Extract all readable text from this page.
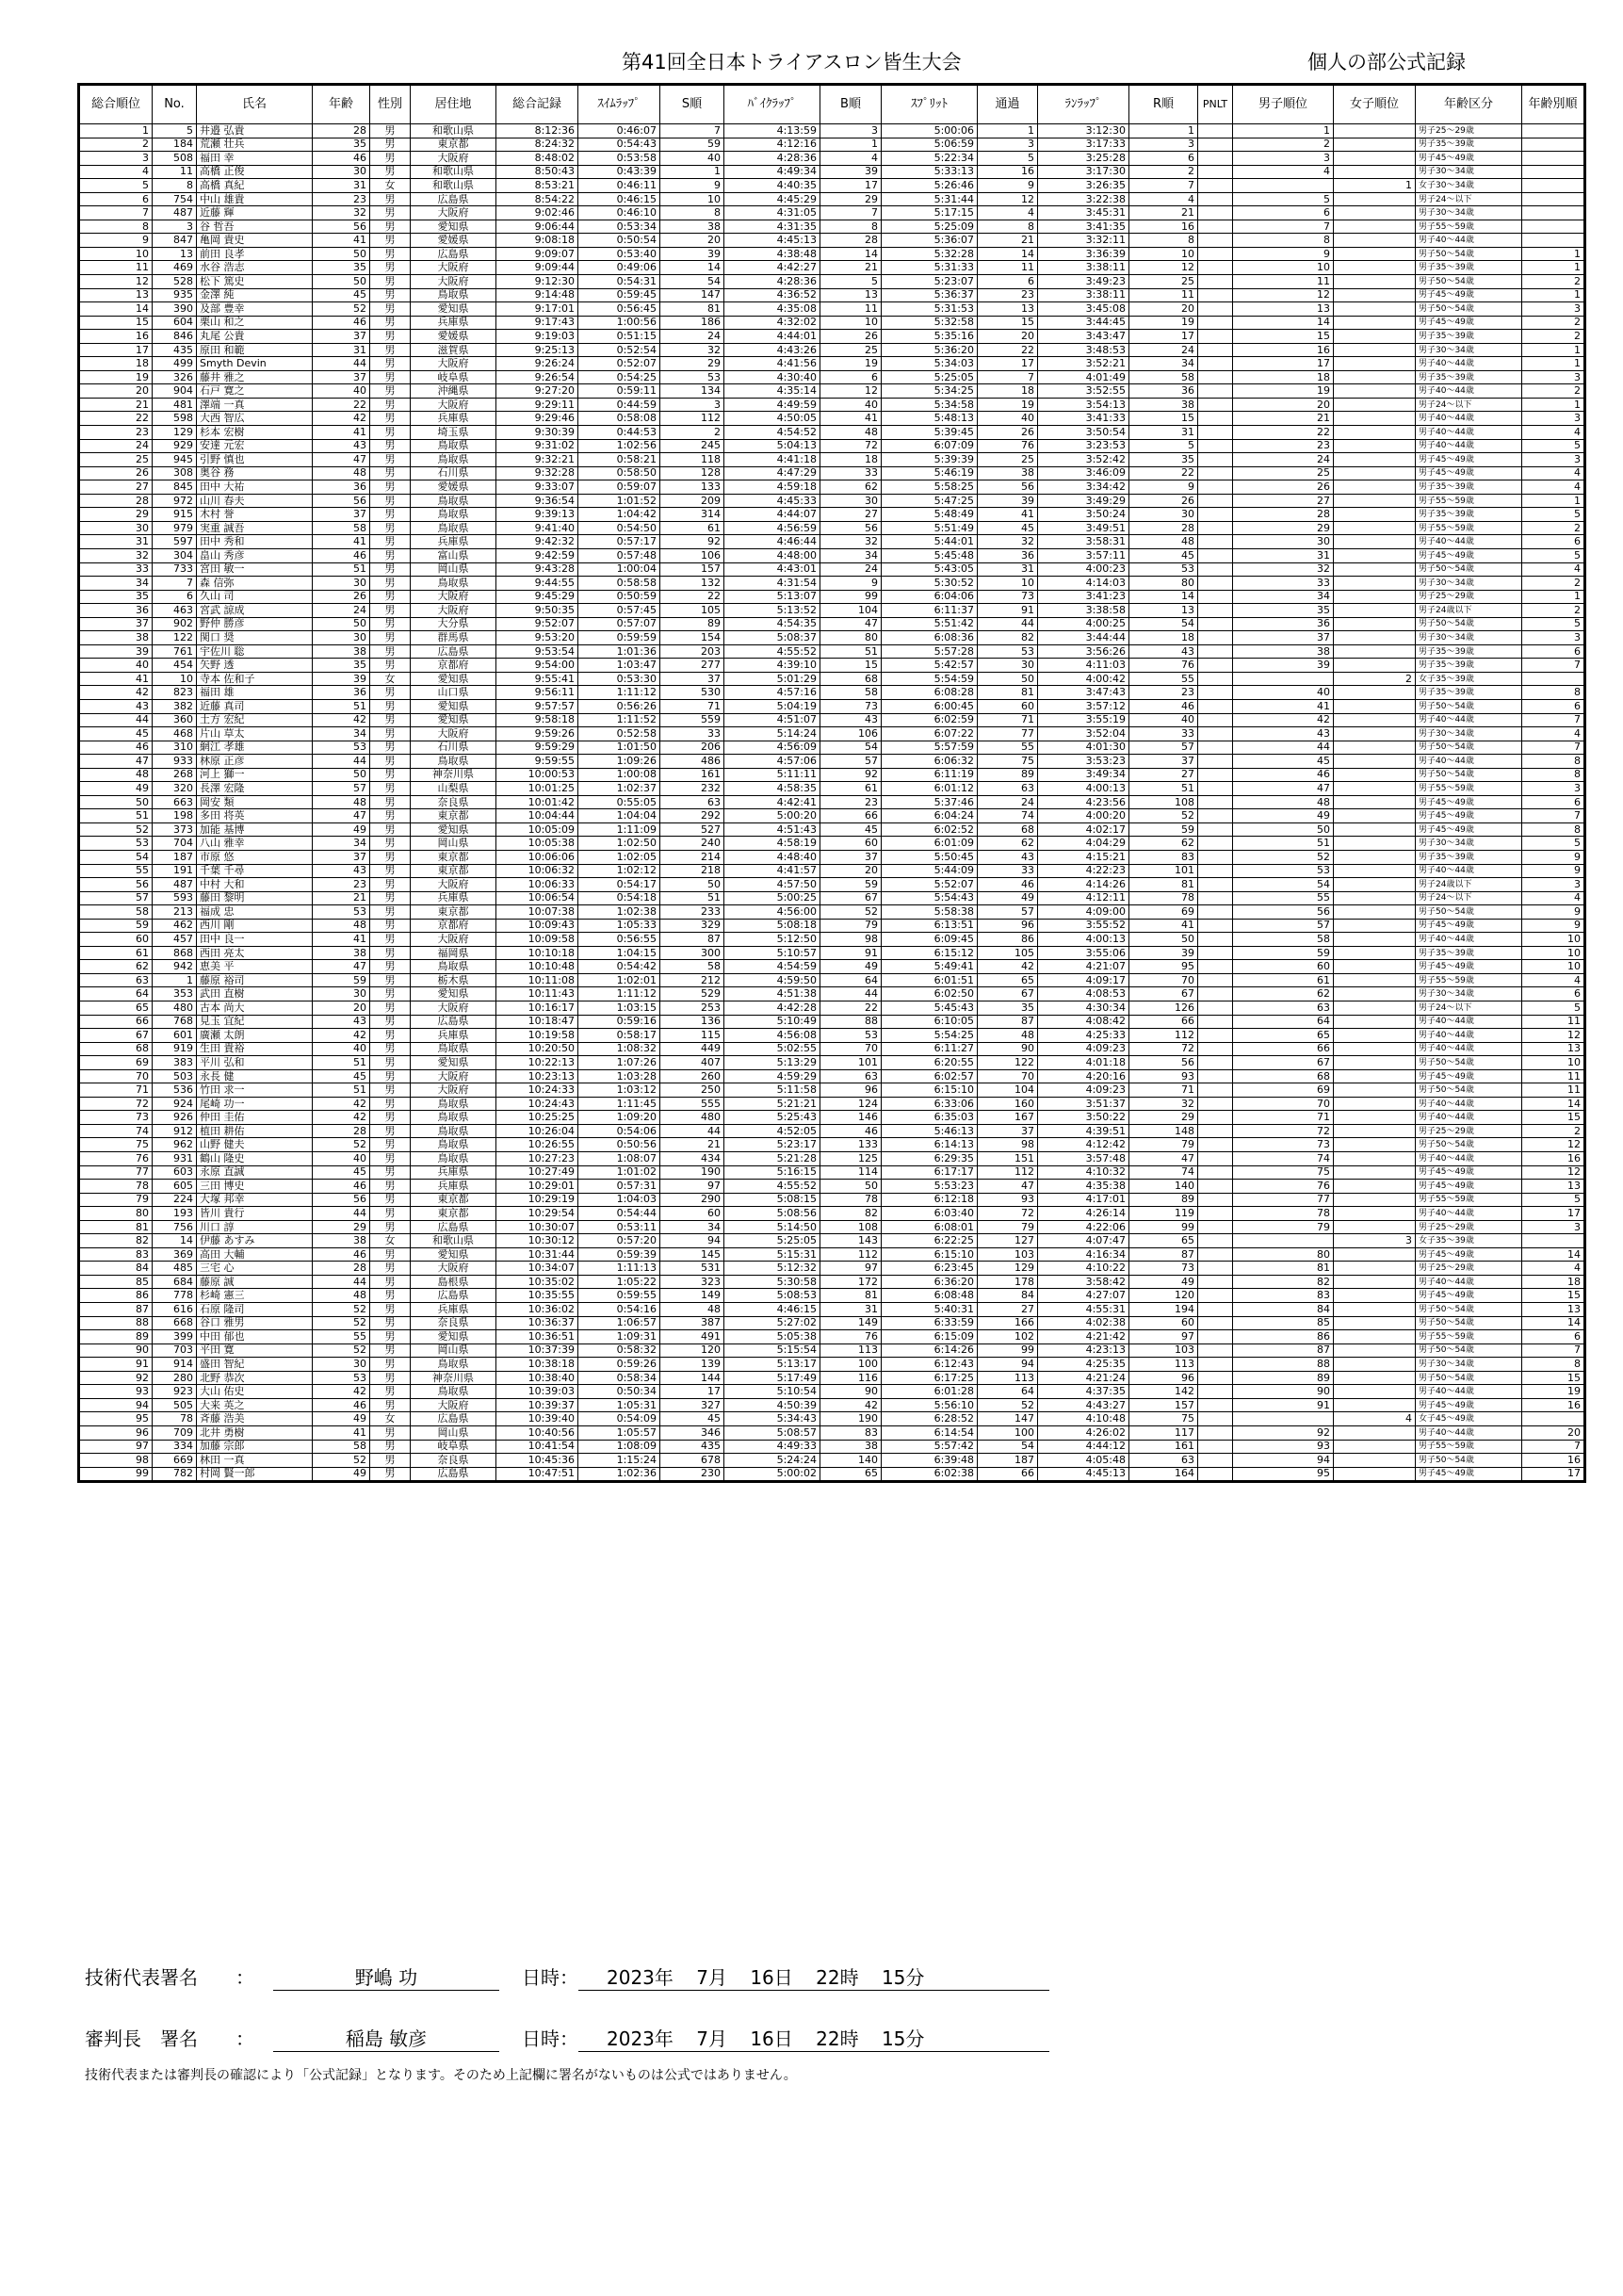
第41回全日本トライアスロン皆生大会	個人の部公式記録
総合順位	No.	氏名	年齢	性別	居住地	総合記録	ｽｲﾑﾗｯﾌﾟ	S順	ﾊﾞｲｸﾗｯﾌﾟ	B順	ｽﾌﾟﾘｯﾄ	通過	ﾗﾝﾗｯﾌﾟ	R順	PNLT	男子順位	女子順位	年齢区分	年齢別順
1	5	井邉 弘貴	28	男	和歌山県	8:12:36	0:46:07	7	4:13:59	3	5:00:06	1	3:12:30	1		1		男子25～29歳	
2	184	荒瀬 壮兵	35	男	東京都	8:24:32	0:54:43	59	4:12:16	1	5:06:59	3	3:17:33	3		2		男子35～39歳	
3	508	福田 幸	46	男	大阪府	8:48:02	0:53:58	40	4:28:36	4	5:22:34	5	3:25:28	6		3		男子45～49歳	
4	11	高橋 正俊	30	男	和歌山県	8:50:43	0:43:39	1	4:49:34	39	5:33:13	16	3:17:30	2		4		男子30～34歳	
5	8	高橋 真紀	31	女	和歌山県	8:53:21	0:46:11	9	4:40:35	17	5:26:46	9	3:26:35	7			1	女子30～34歳	
6	754	中山 雄貴	23	男	広島県	8:54:22	0:46:15	10	4:45:29	29	5:31:44	12	3:22:38	4		5		男子24～以下	
7	487	近藤 輝	32	男	大阪府	9:02:46	0:46:10	8	4:31:05	7	5:17:15	4	3:45:31	21		6		男子30～34歳	
8	3	谷 哲吾	56	男	愛知県	9:06:44	0:53:34	38	4:31:35	8	5:25:09	8	3:41:35	16		7		男子55～59歳	
9	847	亀岡 貴史	41	男	愛媛県	9:08:18	0:50:54	20	4:45:13	28	5:36:07	21	3:32:11	8		8		男子40～44歳	
10	13	前田 良孝	50	男	広島県	9:09:07	0:53:40	39	4:38:48	14	5:32:28	14	3:36:39	10		9		男子50～54歳	1
11	469	水谷 浩志	35	男	大阪府	9:09:44	0:49:06	14	4:42:27	21	5:31:33	11	3:38:11	12		10		男子35～39歳	1
12	528	松下 篤史	50	男	大阪府	9:12:30	0:54:31	54	4:28:36	5	5:23:07	6	3:49:23	25		11		男子50～54歳	2
13	935	金澤 純	45	男	鳥取県	9:14:48	0:59:45	147	4:36:52	13	5:36:37	23	3:38:11	11		12		男子45～49歳	1
14	390	及部 豊幸	52	男	愛知県	9:17:01	0:56:45	81	4:35:08	11	5:31:53	13	3:45:08	20		13		男子50～54歳	3
15	604	栗山 和之	46	男	兵庫県	9:17:43	1:00:56	186	4:32:02	10	5:32:58	15	3:44:45	19		14		男子45～49歳	2
16	846	丸尾 公貴	37	男	愛媛県	9:19:03	0:51:15	24	4:44:01	26	5:35:16	20	3:43:47	17		15		男子35～39歳	2
17	435	原田 和範	31	男	滋賀県	9:25:13	0:52:54	32	4:43:26	25	5:36:20	22	3:48:53	24		16		男子30～34歳	1
18	499	Smyth Devin	44	男	大阪府	9:26:24	0:52:07	29	4:41:56	19	5:34:03	17	3:52:21	34		17		男子40～44歳	1
19	326	藤井 雅之	37	男	岐阜県	9:26:54	0:54:25	53	4:30:40	6	5:25:05	7	4:01:49	58		18		男子35～39歳	3
20	904	石戸 寛之	40	男	沖縄県	9:27:20	0:59:11	134	4:35:14	12	5:34:25	18	3:52:55	36		19		男子40～44歳	2
21	481	澤端 一真	22	男	大阪府	9:29:11	0:44:59	3	4:49:59	40	5:34:58	19	3:54:13	38		20		男子24～以下	1
22	598	大西 智広	42	男	兵庫県	9:29:46	0:58:08	112	4:50:05	41	5:48:13	40	3:41:33	15		21		男子40～44歳	3
23	129	杉本 宏樹	41	男	埼玉県	9:30:39	0:44:53	2	4:54:52	48	5:39:45	26	3:50:54	31		22		男子40～44歳	4
24	929	安達 元宏	43	男	鳥取県	9:31:02	1:02:56	245	5:04:13	72	6:07:09	76	3:23:53	5		23		男子40～44歳	5
25	945	引野 慎也	47	男	鳥取県	9:32:21	0:58:21	118	4:41:18	18	5:39:39	25	3:52:42	35		24		男子45～49歳	3
26	308	奥谷 務	48	男	石川県	9:32:28	0:58:50	128	4:47:29	33	5:46:19	38	3:46:09	22		25		男子45～49歳	4
27	845	田中 大祐	36	男	愛媛県	9:33:07	0:59:07	133	4:59:18	62	5:58:25	56	3:34:42	9		26		男子35～39歳	4
28	972	山川 春夫	56	男	鳥取県	9:36:54	1:01:52	209	4:45:33	30	5:47:25	39	3:49:29	26		27		男子55～59歳	1
29	915	木村 誉	37	男	鳥取県	9:39:13	1:04:42	314	4:44:07	27	5:48:49	41	3:50:24	30		28		男子35～39歳	5
30	979	実重 誠吾	58	男	鳥取県	9:41:40	0:54:50	61	4:56:59	56	5:51:49	45	3:49:51	28		29		男子55～59歳	2
31	597	田中 秀和	41	男	兵庫県	9:42:32	0:57:17	92	4:46:44	32	5:44:01	32	3:58:31	48		30		男子40～44歳	6
32	304	畠山 秀彦	46	男	富山県	9:42:59	0:57:48	106	4:48:00	34	5:45:48	36	3:57:11	45		31		男子45～49歳	5
33	733	宮田 敏一	51	男	岡山県	9:43:28	1:00:04	157	4:43:01	24	5:43:05	31	4:00:23	53		32		男子50～54歳	4
34	7	森 信弥	30	男	鳥取県	9:44:55	0:58:58	132	4:31:54	9	5:30:52	10	4:14:03	80		33		男子30～34歳	2
35	6	久山 司	26	男	大阪府	9:45:29	0:50:59	22	5:13:07	99	6:04:06	73	3:41:23	14		34		男子25～29歳	1
36	463	宮武 諒成	24	男	大阪府	9:50:35	0:57:45	105	5:13:52	104	6:11:37	91	3:38:58	13		35		男子24歳以下	2
37	902	野仲 勝彦	50	男	大分県	9:52:07	0:57:07	89	4:54:35	47	5:51:42	44	4:00:25	54		36		男子50～54歳	5
38	122	関口 奨	30	男	群馬県	9:53:20	0:59:59	154	5:08:37	80	6:08:36	82	3:44:44	18		37		男子30～34歳	3
39	761	宇佐川 聡	38	男	広島県	9:53:54	1:01:36	203	4:55:52	51	5:57:28	53	3:56:26	43		38		男子35～39歳	6
40	454	矢野 透	35	男	京都府	9:54:00	1:03:47	277	4:39:10	15	5:42:57	30	4:11:03	76		39		男子35～39歳	7
41	10	寺本 佐和子	39	女	愛知県	9:55:41	0:53:30	37	5:01:29	68	5:54:59	50	4:00:42	55			2	女子35～39歳	
42	823	福田 雄	36	男	山口県	9:56:11	1:11:12	530	4:57:16	58	6:08:28	81	3:47:43	23		40		男子35～39歳	8
43	382	近藤 真司	51	男	愛知県	9:57:57	0:56:26	71	5:04:19	73	6:00:45	60	3:57:12	46		41		男子50～54歳	6
44	360	土方 宏紀	42	男	愛知県	9:58:18	1:11:52	559	4:51:07	43	6:02:59	71	3:55:19	40		42		男子40～44歳	7
45	468	片山 草太	34	男	大阪府	9:59:26	0:52:58	33	5:14:24	106	6:07:22	77	3:52:04	33		43		男子30～34歳	4
46	310	網江 孝雄	53	男	石川県	9:59:29	1:01:50	206	4:56:09	54	5:57:59	55	4:01:30	57		44		男子50～54歳	7
47	933	林原 正彦	44	男	鳥取県	9:59:55	1:09:26	486	4:57:06	57	6:06:32	75	3:53:23	37		45		男子40～44歳	8
48	268	河上 獅一	50	男	神奈川県	10:00:53	1:00:08	161	5:11:11	92	6:11:19	89	3:49:34	27		46		男子50～54歳	8
49	320	長澤 宏隆	57	男	山梨県	10:01:25	1:02:37	232	4:58:35	61	6:01:12	63	4:00:13	51		47		男子55～59歳	3
50	663	岡安 類	48	男	奈良県	10:01:42	0:55:05	63	4:42:41	23	5:37:46	24	4:23:56	108		48		男子45～49歳	6
51	198	多田 将英	47	男	東京都	10:04:44	1:04:04	292	5:00:20	66	6:04:24	74	4:00:20	52		49		男子45～49歳	7
52	373	加能 基博	49	男	愛知県	10:05:09	1:11:09	527	4:51:43	45	6:02:52	68	4:02:17	59		50		男子45～49歳	8
53	704	八山 雅幸	34	男	岡山県	10:05:38	1:02:50	240	4:58:19	60	6:01:09	62	4:04:29	62		51		男子30～34歳	5
54	187	市原 悠	37	男	東京都	10:06:06	1:02:05	214	4:48:40	37	5:50:45	43	4:15:21	83		52		男子35～39歳	9
55	191	千葉 千尋	43	男	東京都	10:06:32	1:02:12	218	4:41:57	20	5:44:09	33	4:22:23	101		53		男子40～44歳	9
56	487	中村 大和	23	男	大阪府	10:06:33	0:54:17	50	4:57:50	59	5:52:07	46	4:14:26	81		54		男子24歳以下	3
57	593	藤田 黎明	21	男	兵庫県	10:06:54	0:54:18	51	5:00:25	67	5:54:43	49	4:12:11	78		55		男子24～以下	4
58	213	福成 忠	53	男	東京都	10:07:38	1:02:38	233	4:56:00	52	5:58:38	57	4:09:00	69		56		男子50～54歳	9
59	462	西川 剛	48	男	京都府	10:09:43	1:05:33	329	5:08:18	79	6:13:51	96	3:55:52	41		57		男子45～49歳	9
60	457	田中 良一	41	男	大阪府	10:09:58	0:56:55	87	5:12:50	98	6:09:45	86	4:00:13	50		58		男子40～44歳	10
61	868	西田 亮太	38	男	福岡県	10:10:18	1:04:15	300	5:10:57	91	6:15:12	105	3:55:06	39		59		男子35～39歳	10
62	942	恵美 平	47	男	鳥取県	10:10:48	0:54:42	58	4:54:59	49	5:49:41	42	4:21:07	95		60		男子45～49歳	10
63	1	藤原 裕司	59	男	栃木県	10:11:08	1:02:01	212	4:59:50	64	6:01:51	65	4:09:17	70		61		男子55～59歳	4
64	353	武田 直樹	30	男	愛知県	10:11:43	1:11:12	529	4:51:38	44	6:02:50	67	4:08:53	67		62		男子30～34歳	6
65	480	古本 尚大	20	男	大阪府	10:16:17	1:03:15	253	4:42:28	22	5:45:43	35	4:30:34	126		63		男子24～以下	5
66	768	見玉 宜紀	43	男	広島県	10:18:47	0:59:16	136	5:10:49	88	6:10:05	87	4:08:42	66		64		男子40～44歳	11
67	601	廣瀬 太朗	42	男	兵庫県	10:19:58	0:58:17	115	4:56:08	53	5:54:25	48	4:25:33	112		65		男子40～44歳	12
68	919	生田 貴裕	40	男	鳥取県	10:20:50	1:08:32	449	5:02:55	70	6:11:27	90	4:09:23	72		66		男子40～44歳	13
69	383	平川 弘和	51	男	愛知県	10:22:13	1:07:26	407	5:13:29	101	6:20:55	122	4:01:18	56		67		男子50～54歳	10
70	503	永長 健	45	男	大阪府	10:23:13	1:03:28	260	4:59:29	63	6:02:57	70	4:20:16	93		68		男子45～49歳	11
71	536	竹田 求一	51	男	大阪府	10:24:33	1:03:12	250	5:11:58	96	6:15:10	104	4:09:23	71		69		男子50～54歳	11
72	924	尾崎 功一	42	男	鳥取県	10:24:43	1:11:45	555	5:21:21	124	6:33:06	160	3:51:37	32		70		男子40～44歳	14
73	926	仲田 圭佑	42	男	鳥取県	10:25:25	1:09:20	480	5:25:43	146	6:35:03	167	3:50:22	29		71		男子40～44歳	15
74	912	植田 耕佑	28	男	鳥取県	10:26:04	0:54:06	44	4:52:05	46	5:46:13	37	4:39:51	148		72		男子25～29歳	2
75	962	山野 健夫	52	男	鳥取県	10:26:55	0:50:56	21	5:23:17	133	6:14:13	98	4:12:42	79		73		男子50～54歳	12
76	931	鶴山 隆史	40	男	鳥取県	10:27:23	1:08:07	434	5:21:28	125	6:29:35	151	3:57:48	47		74		男子40～44歳	16
77	603	永原 直誠	45	男	兵庫県	10:27:49	1:01:02	190	5:16:15	114	6:17:17	112	4:10:32	74		75		男子45～49歳	12
78	605	三田 博史	46	男	兵庫県	10:29:01	0:57:31	97	4:55:52	50	5:53:23	47	4:35:38	140		76		男子45～49歳	13
79	224	大塚 邦幸	56	男	東京都	10:29:19	1:04:03	290	5:08:15	78	6:12:18	93	4:17:01	89		77		男子55～59歳	5
80	193	皆川 貴行	44	男	東京都	10:29:54	0:54:44	60	5:08:56	82	6:03:40	72	4:26:14	119		78		男子40～44歳	17
81	756	川口 諄	29	男	広島県	10:30:07	0:53:11	34	5:14:50	108	6:08:01	79	4:22:06	99		79		男子25～29歳	3
82	14	伊藤 あすみ	38	女	和歌山県	10:30:12	0:57:20	94	5:25:05	143	6:22:25	127	4:07:47	65			3	女子35～39歳	
83	369	高田 大輔	46	男	愛知県	10:31:44	0:59:39	145	5:15:31	112	6:15:10	103	4:16:34	87		80		男子45～49歳	14
84	485	三宅 心	28	男	大阪府	10:34:07	1:11:13	531	5:12:32	97	6:23:45	129	4:10:22	73		81		男子25～29歳	4
85	684	藤原 誠	44	男	島根県	10:35:02	1:05:22	323	5:30:58	172	6:36:20	178	3:58:42	49		82		男子40～44歳	18
86	778	杉崎 憲三	48	男	広島県	10:35:55	0:59:55	149	5:08:53	81	6:08:48	84	4:27:07	120		83		男子45～49歳	15
87	616	石原 隆司	52	男	兵庫県	10:36:02	0:54:16	48	4:46:15	31	5:40:31	27	4:55:31	194		84		男子50～54歳	13
88	668	谷口 雅男	52	男	奈良県	10:36:37	1:06:57	387	5:27:02	149	6:33:59	166	4:02:38	60		85		男子50～54歳	14
89	399	中田 郁也	55	男	愛知県	10:36:51	1:09:31	491	5:05:38	76	6:15:09	102	4:21:42	97		86		男子55～59歳	6
90	703	平田 寛	52	男	岡山県	10:37:39	0:58:32	120	5:15:54	113	6:14:26	99	4:23:13	103		87		男子50～54歳	7
91	914	盛田 智紀	30	男	鳥取県	10:38:18	0:59:26	139	5:13:17	100	6:12:43	94	4:25:35	113		88		男子30～34歳	8
92	280	北野 恭次	53	男	神奈川県	10:38:40	0:58:34	144	5:17:49	116	6:17:25	113	4:21:24	96		89		男子50～54歳	15
93	923	大山 佑史	42	男	鳥取県	10:39:03	0:50:34	17	5:10:54	90	6:01:28	64	4:37:35	142		90		男子40～44歳	19
94	505	大来 英之	46	男	大阪府	10:39:37	1:05:31	327	4:50:39	42	5:56:10	52	4:43:27	157		91		男子45～49歳	16
95	78	斉藤 浩美	49	女	広島県	10:39:40	0:54:09	45	5:34:43	190	6:28:52	147	4:10:48	75			4	女子45～49歳	
96	709	北井 勇樹	41	男	岡山県	10:40:56	1:05:57	346	5:08:57	83	6:14:54	100	4:26:02	117		92		男子40～44歳	20
97	334	加藤 宗郎	58	男	岐阜県	10:41:54	1:08:09	435	4:49:33	38	5:57:42	54	4:44:12	161		93		男子55～59歳	7
98	669	林田 一真	52	男	奈良県	10:45:36	1:15:24	678	5:24:24	140	6:39:48	187	4:05:48	63		94		男子50～54歳	16
99	782	村岡 賢一郎	49	男	広島県	10:47:51	1:02:36	230	5:00:02	65	6:02:38	66	4:45:13	164		95		男子45～49歳	17
技術代表署名 ：	野嶋 功	日時： 2023年 7月 16日 22時 15分
審判長　署名 ：	稲島 敏彦	日時： 2023年 7月 16日 22時 15分
技術代表または審判長の確認により「公式記録」となります。そのため上記欄に署名がないものは公式ではありません。
